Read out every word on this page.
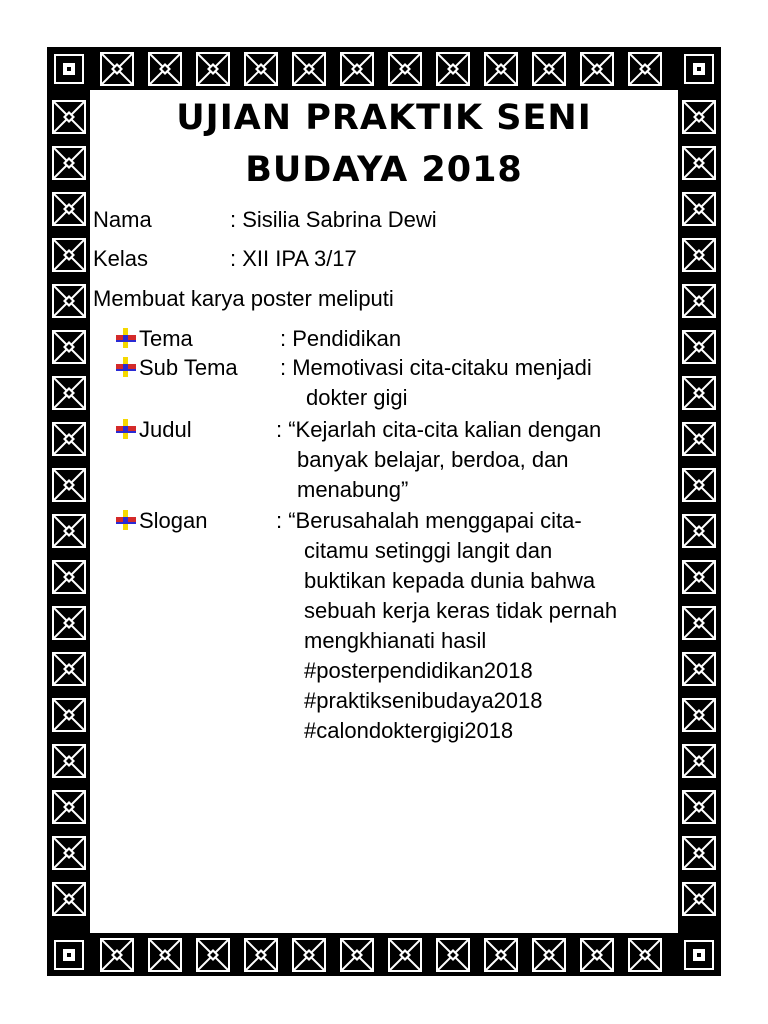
UJIAN PRAKTIK SENI
BUDAYA 2018
Nama	: Sisilia Sabrina Dewi
Kelas	: XII IPA 3/17
Membuat karya poster meliputi
Tema	: Pendidikan
Sub Tema : Memotivasi cita-citaku menjadi
dokter gigi
Judul	: “Kejarlah cita-cita kalian dengan
banyak belajar, berdoa, dan
menabung”
Slogan	: “Berusahalah menggapai cita-
citamu setinggi langit dan
buktikan kepada dunia bahwa
sebuah kerja keras tidak pernah
mengkhianati hasil
#posterpendidikan2018
#praktiksenibudaya2018
#calondoktergigi2018
